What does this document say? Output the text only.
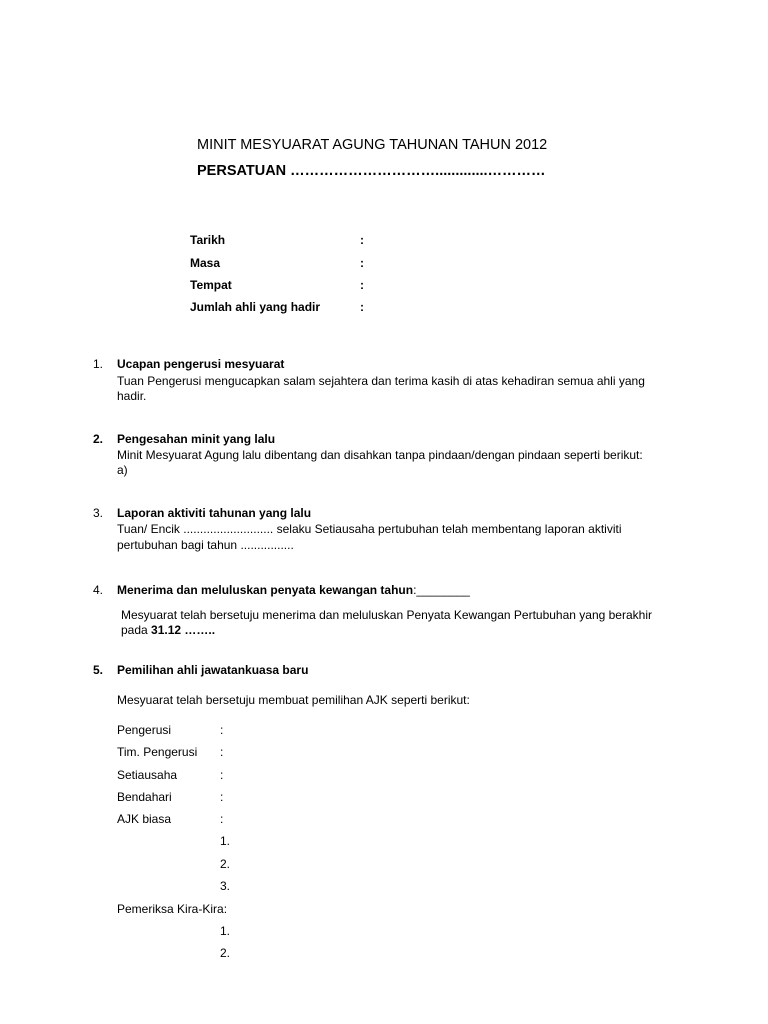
MINIT MESYUARAT AGUNG TAHUNAN TAHUN 2012
PERSATUAN ………………………….............…………
Tarikh	:
Masa	:
Tempat	:
Jumlah ahli yang hadir	:
1. Ucapan pengerusi mesyuarat
Tuan Pengerusi mengucapkan salam sejahtera dan terima kasih di atas kehadiran semua ahli yang
hadir.
2. Pengesahan minit yang lalu
Minit Mesyuarat Agung lalu dibentang dan disahkan tanpa pindaan/dengan pindaan seperti berikut:
a)
3. Laporan aktiviti tahunan yang lalu
Tuan/ Encik ........................... selaku Setiausaha pertubuhan telah membentang laporan aktiviti
pertubuhan bagi tahun ................
4. Menerima dan meluluskan penyata kewangan tahun:________
Mesyuarat telah bersetuju menerima dan meluluskan Penyata Kewangan Pertubuhan yang berakhir
pada 31.12 ……..
5. Pemilihan ahli jawatankuasa baru
Mesyuarat telah bersetuju membuat pemilihan AJK seperti berikut:
Pengerusi	:
Tim. Pengerusi :
Setiausaha	:
Bendahari	:
AJK biasa	:
1.
2.
3.
Pemeriksa Kira-Kira:
1.
2.
